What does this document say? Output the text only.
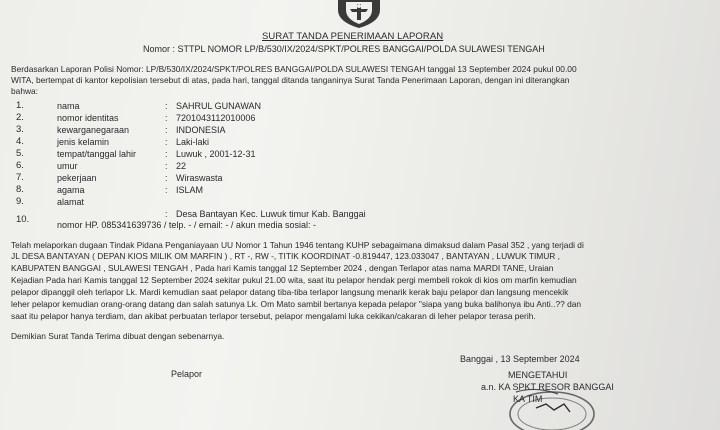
SURAT TANDA PENERIMAAN LAPORAN
Nomor : STTPL NOMOR LP/B/530/IX/2024/SPKT/POLRES BANGGAI/POLDA SULAWESI TENGAH
Berdasarkan Laporan Polisi Nomor: LP/B/530/IX/2024/SPKT/POLRES BANGGAI/POLDA SULAWESI TENGAH tanggal 13 September 2024 pukul 00.00
WITA, bertempat di kantor kepolisian tersebut di atas, pada hari, tanggal ditanda tanganinya Surat Tanda Penerimaan Laporan, dengan ini diterangkan
bahwa:
1.	nama	: SAHRUL GUNAWAN
2.	nomor identitas	: 7201043112010006
3.	kewarganegaraan	: INDONESIA
4.	jenis kelamin	: Laki-laki
5.	tempat/tanggal lahir	: Luwuk , 2001-12-31
6.	umur	: 22
7.	pekerjaan	: Wiraswasta
8.	agama	: ISLAM
9.	alamat
: Desa Bantayan Kec. Luwuk timur Kab. Banggai
10.	nomor HP. 085341639736 / telp. - / email: - / akun media sosial: -
Telah melaporkan dugaan Tindak Pidana Penganiayaan UU Nomor 1 Tahun 1946 tentang KUHP sebagaimana dimaksud dalam Pasal 352 , yang terjadi di
JL DESA BANTAYAN ( DEPAN KIOS MILIK OM MARFIN ) , RT -, RW -, TITIK KOORDINAT -0.819447, 123.033047 , BANTAYAN , LUWUK TIMUR ,
KABUPATEN BANGGAI , SULAWESI TENGAH , Pada hari Kamis tanggal 12 September 2024 , dengan Terlapor atas nama MARDI TANE, Uraian
Kejadian Pada hari Kamis tanggal 12 September 2024 sekitar pukul 21.00 wita, saat itu pelapor hendak pergi membeli rokok di kios om marfin kemudian
pelapor dipanggil oleh terlapor Lk. Mardi kemudian saat pelapor datang tiba-tiba terlapor langsung menarik kerak baju pelapor dan langsung mencekik
leher pelapor kemudian orang-orang datang dan salah satunya Lk. Om Mato sambil bertanya kepada pelapor "siapa yang buka balihonya ibu Anti..?? dan
saat itu pelapor hanya terdiam, dan akibat perbuatan terlapor tersebut, pelapor mengalami luka cekikan/cakaran di leher pelapor terasa perih.
Demikian Surat Tanda Terima dibuat dengan sebenarnya.
Banggai , 13 September 2024
Pelapor	MENGETAHUI
a.n. KA SPKT RESOR BANGGAI
KA TIM
